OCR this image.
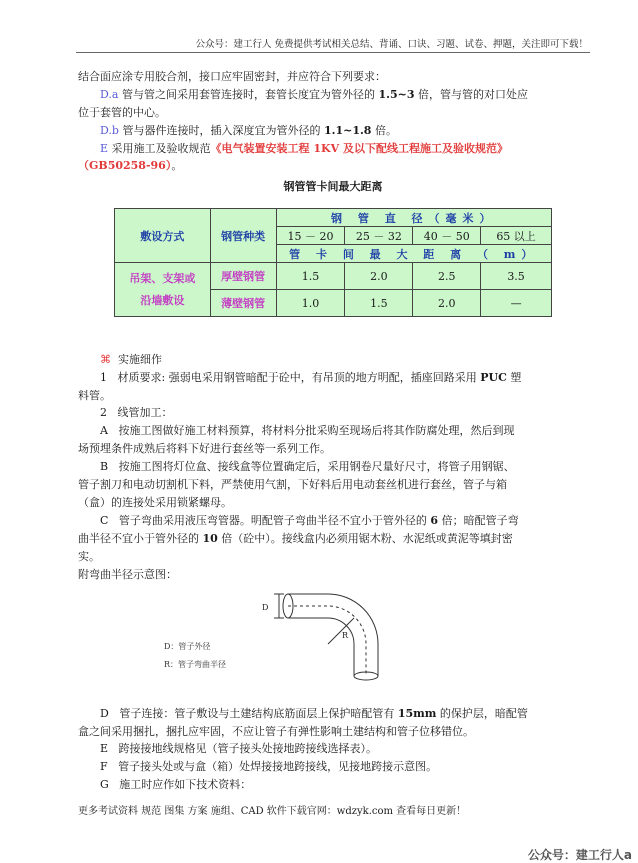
公众号：建工行人 免费提供考试相关总结、背诵、口诀、习题、试卷、押题，关注即可下载！
结合面应涂专用胶合剂，接口应牢固密封，并应符合下列要求：
D.a 管与管之间采用套管连接时，套管长度宜为管外径的 1.5~3 倍，管与管的对口处应
位于套管的中心。
D.b 管与器件连接时，插入深度宜为管外径的 1.1~1.8 倍。
E 采用施工及验收规范《电气装置安装工程 1KV 及以下配线工程施工及验收规范》
（GB50258-96）。
钢管管卡间最大距离
敷设方式	钢管种类	钢 管 直 径（毫米）			
		15 － 20	25 － 32	40 － 50	65 以上
		管 卡 间 最 大 距 离 （ m）			

吊架、支架或
沿墙敷设	厚壁钢管	1.5	2.0	2.5	3.5
	薄壁钢管	1.0	1.5	2.0	—
⌘ 实施细作
1 材质要求: 强弱电采用钢管暗配于砼中，有吊顶的地方明配，插座回路采用 PUC 塑
料管。
2 线管加工：
A 按施工图做好施工材料预算，将材料分批采购至现场后将其作防腐处理，然后到现
场预埋条件成熟后将料下好进行套丝等一系列工作。
B 按施工图将灯位盒、接线盒等位置确定后，采用钢卷尺量好尺寸，将管子用钢锯、
管子割刀和电动切割机下料，严禁使用气割，下好料后用电动套丝机进行套丝，管子与箱
（盒）的连接处采用锁紧螺母。
C 管子弯曲采用液压弯管器。明配管子弯曲半径不宜小于管外径的 6 倍；暗配管子弯
曲半径不宜小于管外径的 10 倍（砼中）。接线盒内必须用锯木粉、水泥纸或黄泥等填封密
实。
附弯曲半径示意图：
D
R
D：管子外径
R：管子弯曲半径
D 管子连接：管子敷设与土建结构底筋面层上保护暗配管有 15mm 的保护层，暗配管
盒之间采用捆扎，捆扎应牢固，不应让管子有弹性影响土建结构和管子位移错位。
E 跨接接地线规格见（管子接头处接地跨接线选择表）。
F 管子接头处或与盒（箱）处焊接接地跨接线，见接地跨接示意图。
G 施工时应作如下技术资料：
更多考试资料 规范 图集 方案 施组、CAD 软件下载官网：wdzyk.com 查看每日更新！
公众号：建工行人a
